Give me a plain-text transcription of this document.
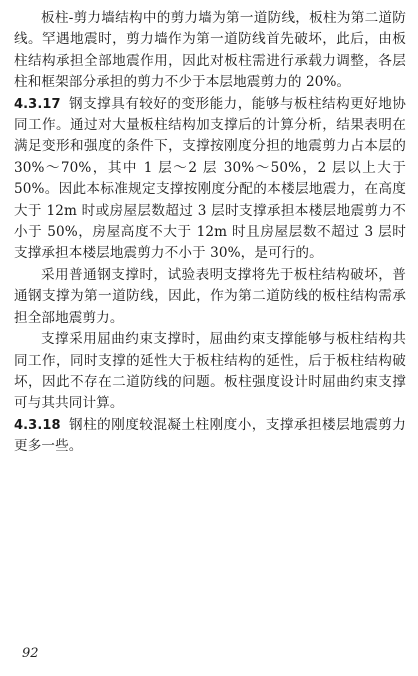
板柱-剪力墙结构中的剪力墙为第一道防线，板柱为第二道防线。罕遇地震时，剪力墙作为第一道防线首先破坏，此后，由板柱结构承担全部地震作用，因此对板柱需进行承载力调整，各层柱和框架部分承担的剪力不少于本层地震剪力的 20%。

4.3.17 钢支撑具有较好的变形能力，能够与板柱结构更好地协同工作。通过对大量板柱结构加支撑后的计算分析，结果表明在满足变形和强度的条件下，支撑按刚度分担的地震剪力占本层的 30%～70%，其中 1 层～2 层 30%～50%，2 层以上大于 50%。因此本标准规定支撑按刚度分配的本楼层地震力，在高度大于 12m 时或房屋层数超过 3 层时支撑承担本楼层地震剪力不小于 50%，房屋高度不大于 12m 时且房屋层数不超过 3 层时支撑承担本楼层地震剪力不小于 30%，是可行的。

采用普通钢支撑时，试验表明支撑将先于板柱结构破坏，普通钢支撑为第一道防线，因此，作为第二道防线的板柱结构需承担全部地震剪力。

支撑采用屈曲约束支撑时，屈曲约束支撑能够与板柱结构共同工作，同时支撑的延性大于板柱结构的延性，后于板柱结构破坏，因此不存在二道防线的问题。板柱强度设计时屈曲约束支撑可与其共同计算。

4.3.18 钢柱的刚度较混凝土柱刚度小，支撑承担楼层地震剪力更多一些。

92
